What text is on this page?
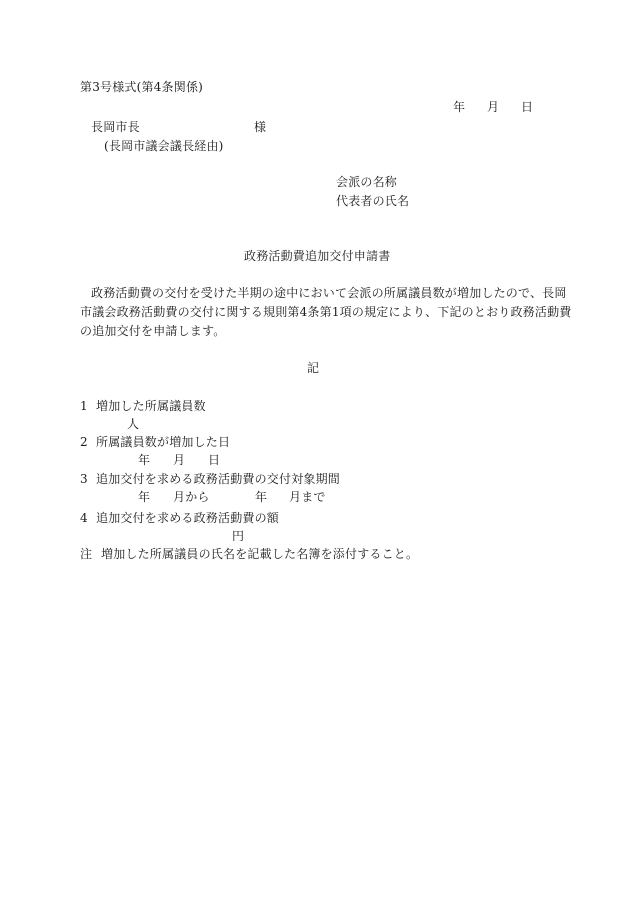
第3号様式(第4条関係)
年 月 日
長岡市長	様
(長岡市議会議長経由)
会派の名称
代表者の氏名
政務活動費追加交付申請書
政務活動費の交付を受けた半期の途中において会派の所属議員数が増加したので、長岡
市議会政務活動費の交付に関する規則第4条第1項の規定により、下記のとおり政務活動費
の追加交付を申請します。
記
1 増加した所属議員数
人
2 所属議員数が増加した日
年 月 日
3 追加交付を求める政務活動費の交付対象期間
年 月から	年 月まで
4 追加交付を求める政務活動費の額
円
注 増加した所属議員の氏名を記載した名簿を添付すること。
